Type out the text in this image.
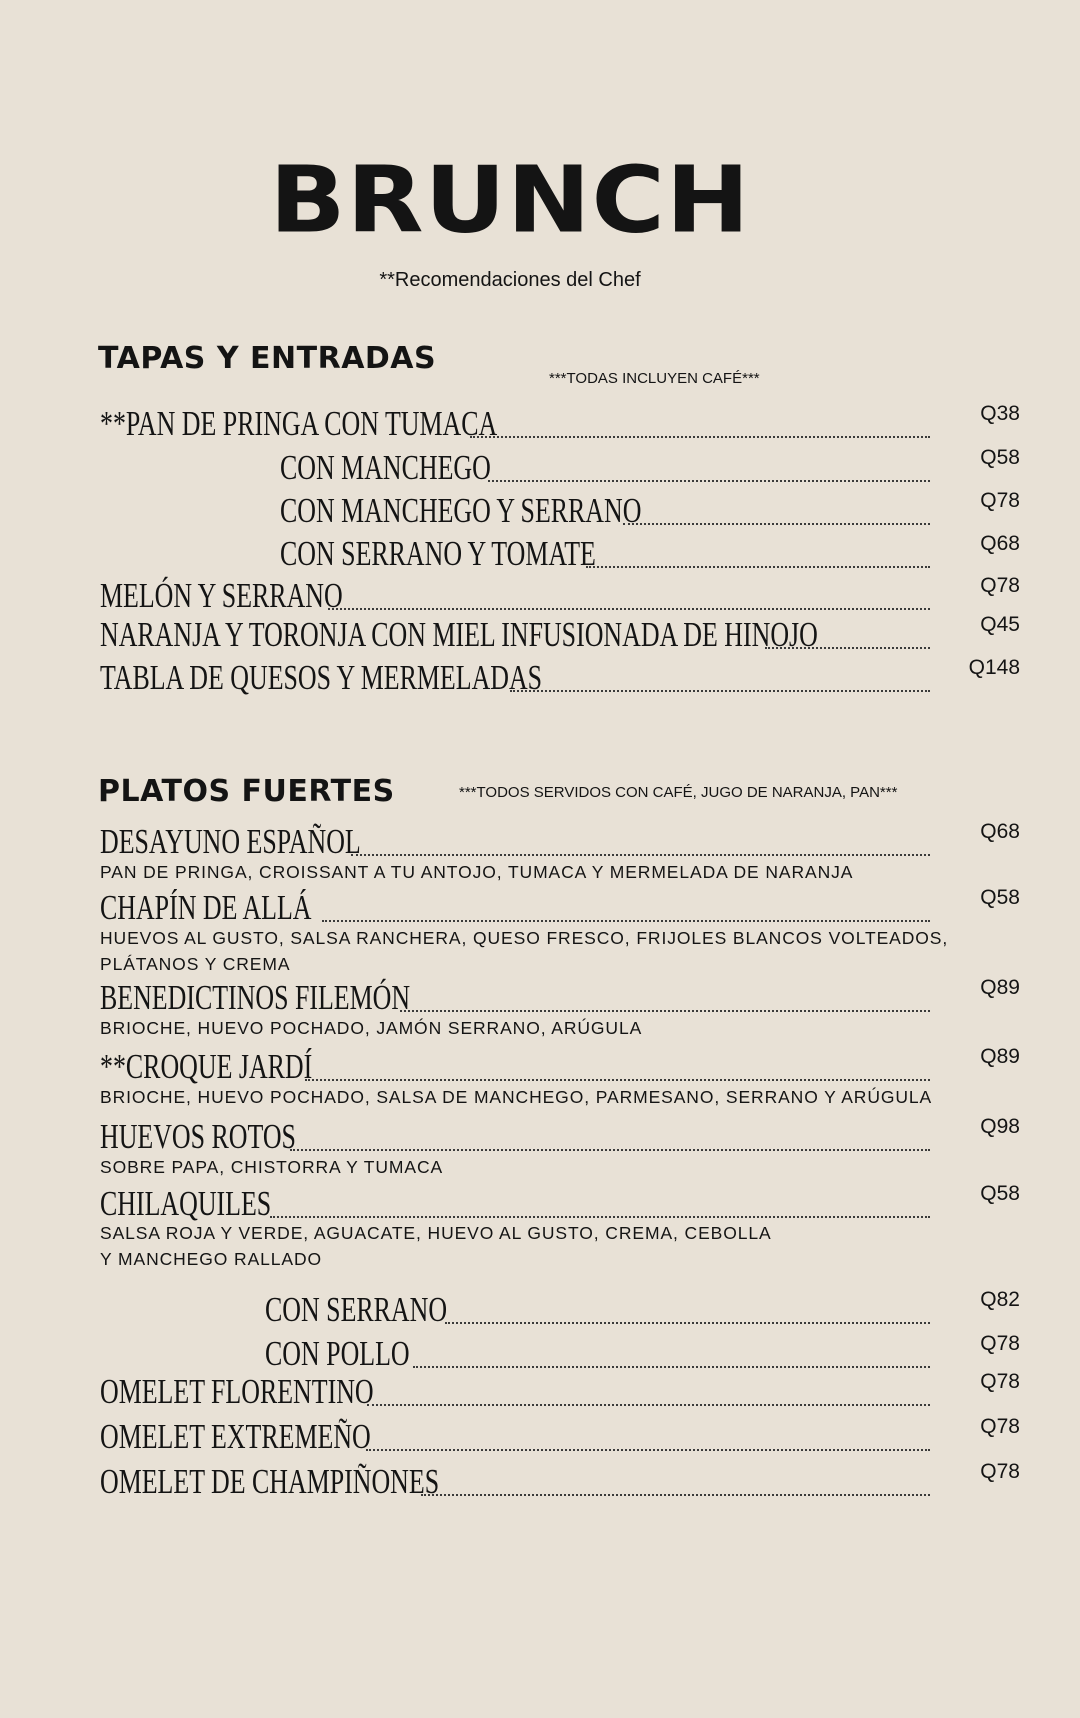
BRUNCH
**Recomendaciones del Chef
TAPAS Y ENTRADAS
***TODAS INCLUYEN CAFÉ***
**PAN DE PRINGA CON TUMACA	Q38
CON MANCHEGO	Q58
CON MANCHEGO Y SERRANO	Q78
CON SERRANO Y TOMATE	Q68
MELÓN Y SERRANO	Q78
NARANJA Y TORONJA CON MIEL INFUSIONADA DE HINOJO	Q45
TABLA DE QUESOS Y MERMELADAS	Q148
PLATOS FUERTES	***TODOS SERVIDOS CON CAFÉ, JUGO DE NARANJA, PAN***
DESAYUNO ESPAÑOL	Q68
PAN DE PRINGA, CROISSANT A TU ANTOJO, TUMACA Y MERMELADA DE NARANJA
CHAPÍN DE ALLÁ	Q58
HUEVOS AL GUSTO, SALSA RANCHERA, QUESO FRESCO, FRIJOLES BLANCOS VOLTEADOS,
PLÁTANOS Y CREMA
BENEDICTINOS FILEMÓN	Q89
BRIOCHE, HUEVO POCHADO, JAMÓN SERRANO, ARÚGULA
**CROQUE JARDÍ	Q89
BRIOCHE, HUEVO POCHADO, SALSA DE MANCHEGO, PARMESANO, SERRANO Y ARÚGULA
HUEVOS ROTOS	Q98
SOBRE PAPA, CHISTORRA Y TUMACA
CHILAQUILES	Q58
SALSA ROJA Y VERDE, AGUACATE, HUEVO AL GUSTO, CREMA, CEBOLLA
Y MANCHEGO RALLADO
CON SERRANO	Q82
CON POLLO	Q78
OMELET FLORENTINO	Q78
OMELET EXTREMEÑO	Q78
OMELET DE CHAMPIÑONES	Q78
